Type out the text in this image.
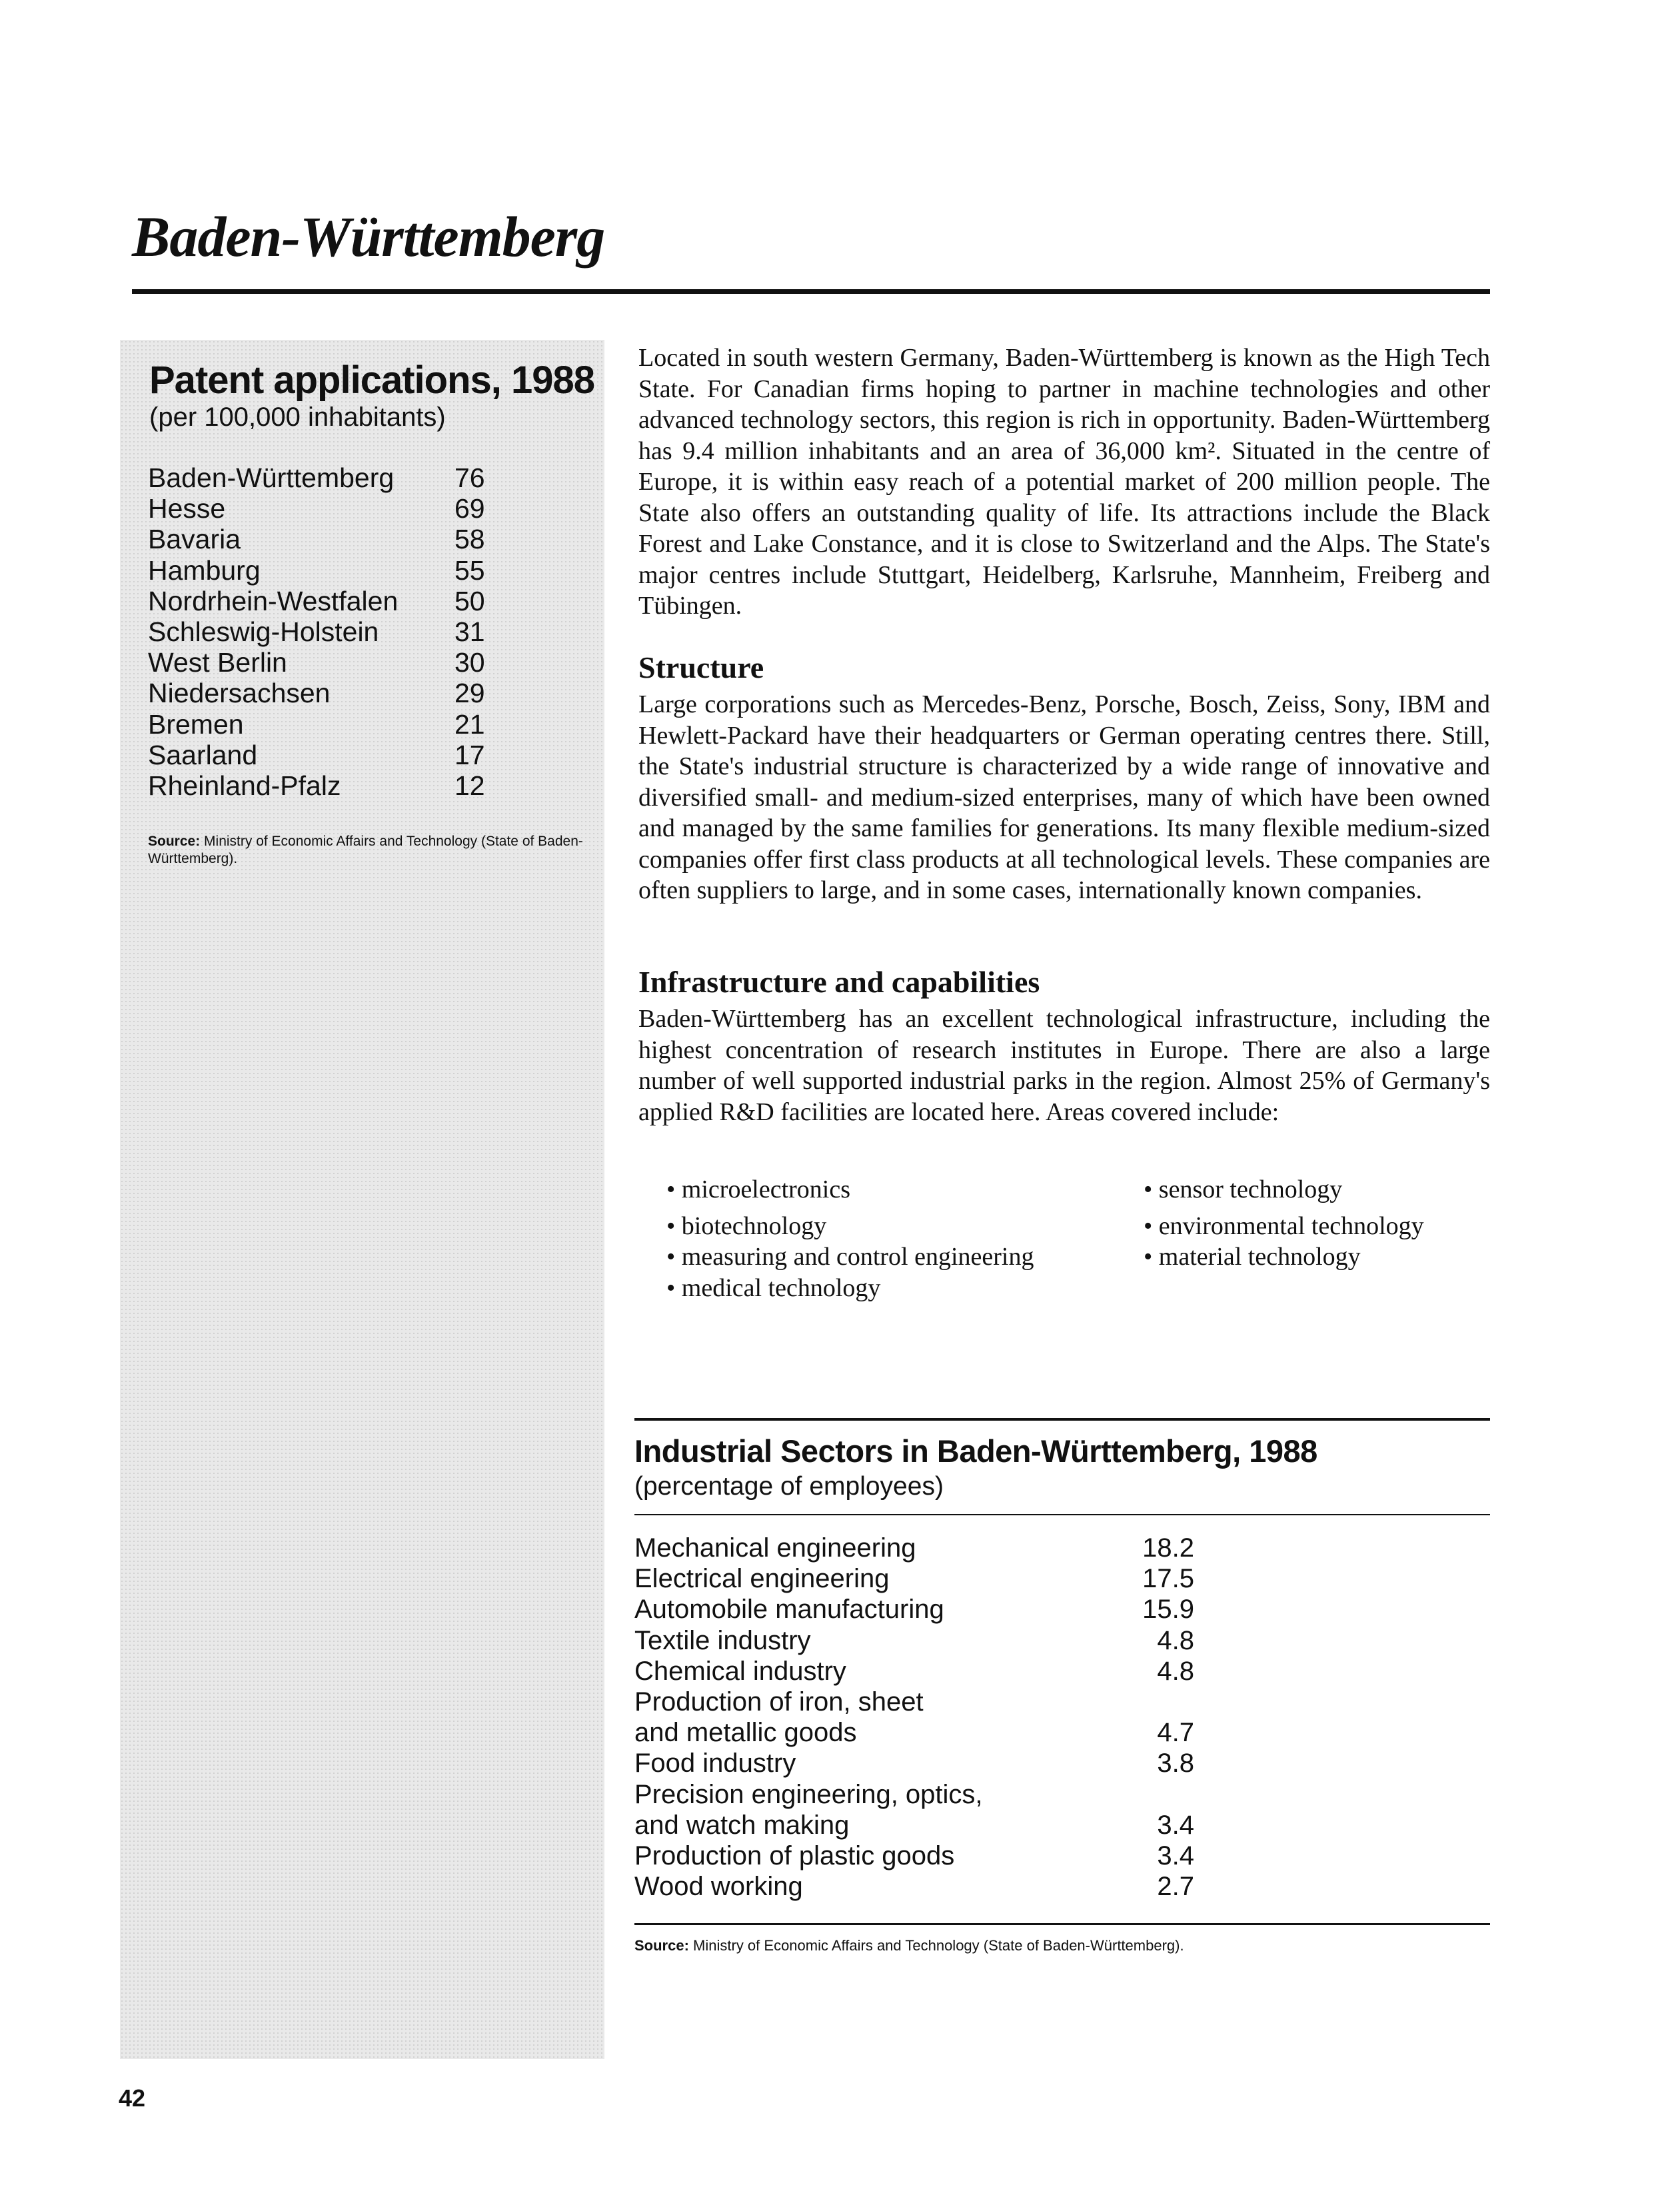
Baden-Württemberg
Patent applications, 1988
(per 100,000 inhabitants)
Baden-Württemberg 76
Hesse	69
Bavaria	58
Hamburg	55
Nordrhein-Westfalen 50
Schleswig-Holstein	31
West Berlin	30
Niedersachsen	29
Bremen	21
Saarland	17
Rheinland-Pfalz	12
Source: Ministry of Economic Affairs and Technology (State of Baden-Württemberg).

Located in south western Germany, Baden-Württemberg is known as the High Tech State. For Canadian firms hoping to partner in machine technologies and other advanced technology sectors, this region is rich in opportunity. Baden-Württemberg has 9.4 million inhabitants and an area of 36,000 km². Situated in the centre of Europe, it is within easy reach of a potential market of 200 million people. The State also offers an outstanding quality of life. Its attractions include the Black Forest and Lake Constance, and it is close to Switzerland and the Alps. The State's major centres include Stuttgart, Heidelberg, Karlsruhe, Mannheim, Freiberg and Tübingen.

Structure

Large corporations such as Mercedes-Benz, Porsche, Bosch, Zeiss, Sony, IBM and Hewlett-Packard have their headquarters or German operating centres there. Still, the State's industrial structure is characterized by a wide range of innovative and diversified small- and medium-sized enterprises, many of which have been owned and managed by the same families for generations. Its many flexible medium-sized companies offer first class products at all technological levels. These companies are often suppliers to large, and in some cases, internationally known companies.

Infrastructure and capabilities

Baden-Württemberg has an excellent technological infrastructure, including the highest concentration of research institutes in Europe. There are also a large number of well supported industrial parks in the region. Almost 25% of Germany's applied R&D facilities are located here. Areas covered include:

• microelectronics
• biotechnology
• measuring and control engineering
• medical technology
• sensor technology
• environmental technology
• material technology
Industrial Sectors in Baden-Württemberg, 1988
(percentage of employees)
Mechanical engineering	18.2
Electrical engineering	17.5
Automobile manufacturing	15.9
Textile industry	4.8
Chemical industry	4.8
Production of iron, sheet
and metallic goods	4.7
Food industry	3.8
Precision engineering, optics,
and watch making	3.4
Production of plastic goods	3.4
Wood working	2.7
Source: Ministry of Economic Affairs and Technology (State of Baden-Württemberg).
42
